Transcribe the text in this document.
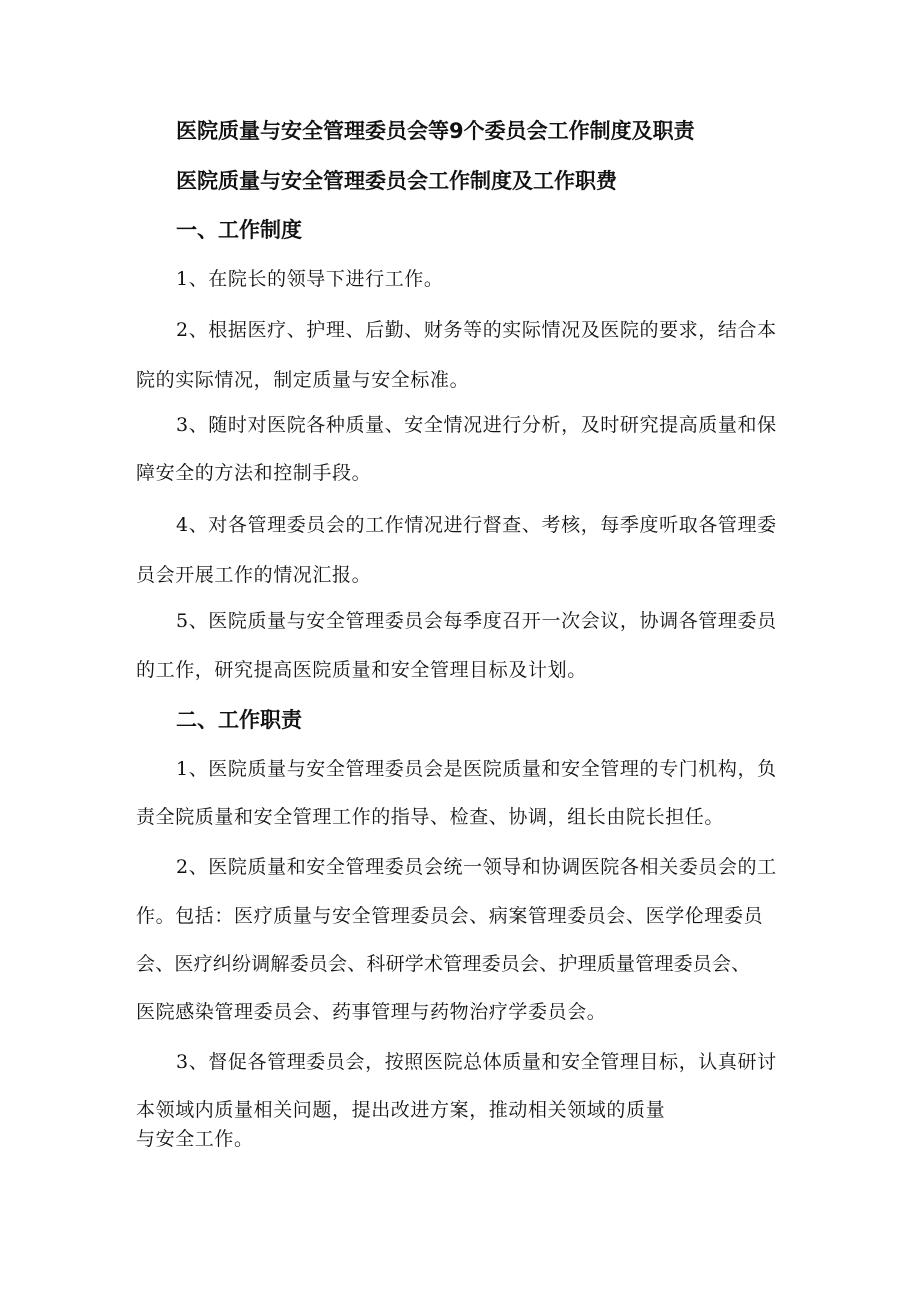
医院质量与安全管理委员会等9个委员会工作制度及职责
医院质量与安全管理委员会工作制度及工作职费
一、工作制度
1、在院长的领导下进行工作。
2、根据医疗、护理、后勤、财务等的实际情况及医院的要求，结合本
院的实际情况，制定质量与安全标准。
3、随时对医院各种质量、安全情况进行分析，及时研究提高质量和保
障安全的方法和控制手段。
4、对各管理委员会的工作情况进行督查、考核，每季度听取各管理委
员会开展工作的情况汇报。
5、医院质量与安全管理委员会每季度召开一次会议，协调各管理委员
的工作，研究提高医院质量和安全管理目标及计划。
二、工作职责
1、医院质量与安全管理委员会是医院质量和安全管理的专门机构，负
责全院质量和安全管理工作的指导、检查、协调，组长由院长担任。
2、医院质量和安全管理委员会统一领导和协调医院各相关委员会的工
作。包括：医疗质量与安全管理委员会、病案管理委员会、医学伦理委员
会、医疗纠纷调解委员会、科研学术管理委员会、护理质量管理委员会、
医院感染管理委员会、药事管理与药物治疗学委员会。
3、督促各管理委员会，按照医院总体质量和安全管理目标，认真研讨
本领域内质量相关问题，提出改进方案，推动相关领域的质量
与安全工作。
